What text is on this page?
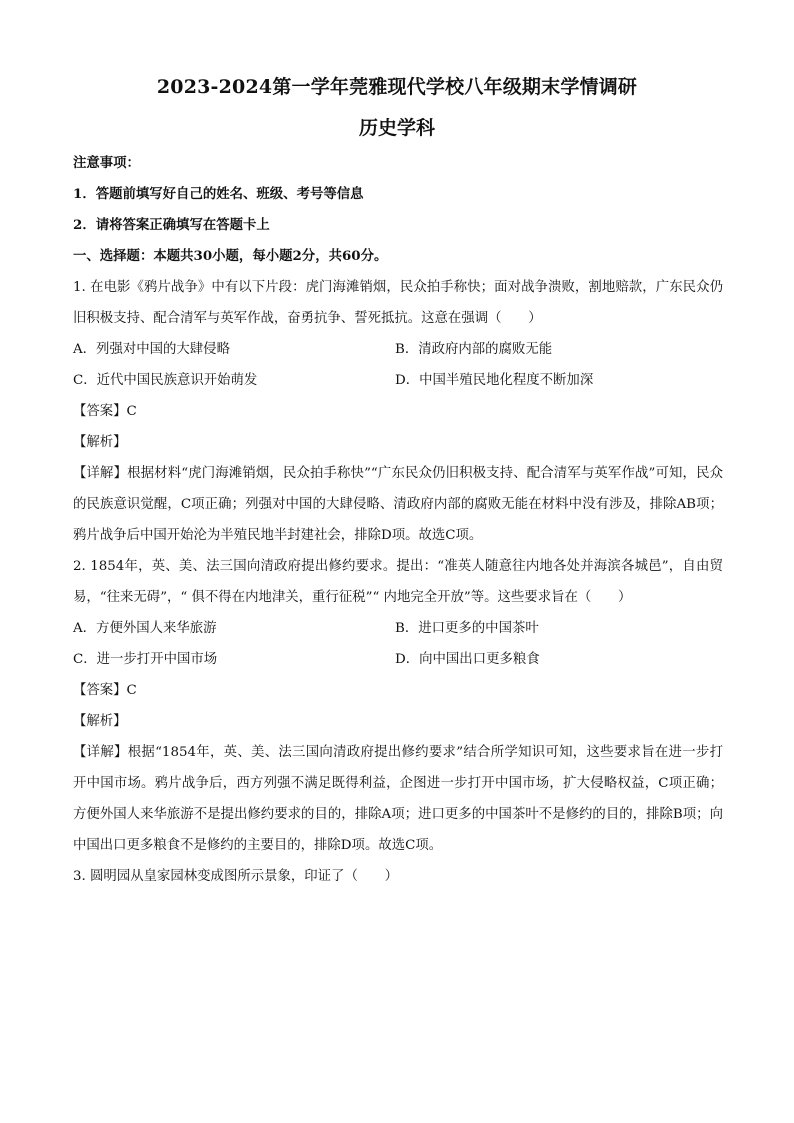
2023-2024第一学年莞雅现代学校八年级期末学情调研
历史学科
注意事项：
1．答题前填写好自己的姓名、班级、考号等信息
2．请将答案正确填写在答题卡上
一、选择题：本题共30小题，每小题2分，共60分。
1. 在电影《鸦片战争》中有以下片段：虎门海滩销烟，民众拍手称快；面对战争溃败，割地赔款，广东民众仍旧积极支持、配合清军与英军作战，奋勇抗争、誓死抵抗。这意在强调（　　）
A．列强对中国的大肆侵略	B．清政府内部的腐败无能
C．近代中国民族意识开始萌发	D．中国半殖民地化程度不断加深
【答案】C
【解析】
【详解】根据材料“虎门海滩销烟，民众拍手称快”“广东民众仍旧积极支持、配合清军与英军作战”可知，民众的民族意识觉醒，C项正确；列强对中国的大肆侵略、清政府内部的腐败无能在材料中没有涉及，排除AB项；鸦片战争后中国开始沦为半殖民地半封建社会，排除D项。故选C项。
2. 1854年，英、美、法三国向清政府提出修约要求。提出：“准英人随意往内地各处并海滨各城邑”，自由贸易，“往来无碍”，“ 俱不得在内地津关，重行征税”“ 内地完全开放”等。这些要求旨在（　　）
A．方便外国人来华旅游	B．进口更多的中国茶叶
C．进一步打开中国市场	D．向中国出口更多粮食
【答案】C
【解析】
【详解】根据“1854年，英、美、法三国向清政府提出修约要求”结合所学知识可知，这些要求旨在进一步打开中国市场。鸦片战争后，西方列强不满足既得利益，企图进一步打开中国市场，扩大侵略权益，C项正确；方便外国人来华旅游不是提出修约要求的目的，排除A项；进口更多的中国茶叶不是修约的目的，排除B项；向中国出口更多粮食不是修约的主要目的，排除D项。故选C项。
3. 圆明园从皇家园林变成图所示景象，印证了（　　）
